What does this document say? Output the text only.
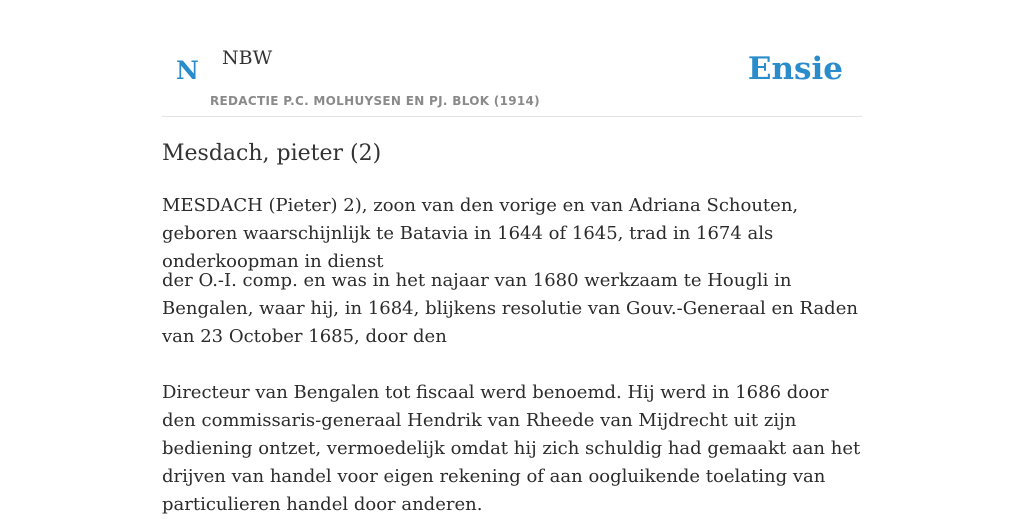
N NBW
REDACTIE P.C. MOLHUYSEN EN PJ. BLOK (1914)
Ensie
Mesdach, pieter (2)

MESDACH (Pieter) 2), zoon van den vorige en van Adriana Schouten, geboren waarschijnlijk te Batavia in 1644 of 1645, trad in 1674 als onderkoopman in dienst

der O.-I. comp. en was in het najaar van 1680 werkzaam te Hougli in Bengalen, waar hij, in 1684, blijkens resolutie van Gouv.-Generaal en Raden van 23 October 1685, door den

Directeur van Bengalen tot fiscaal werd benoemd. Hij werd in 1686 door den commissaris-generaal Hendrik van Rheede van Mijdrecht uit zijn bediening ontzet, vermoedelijk omdat hij zich schuldig had gemaakt aan het drijven van handel voor eigen rekening of aan oogluikende toelating van particulieren handel door anderen.
